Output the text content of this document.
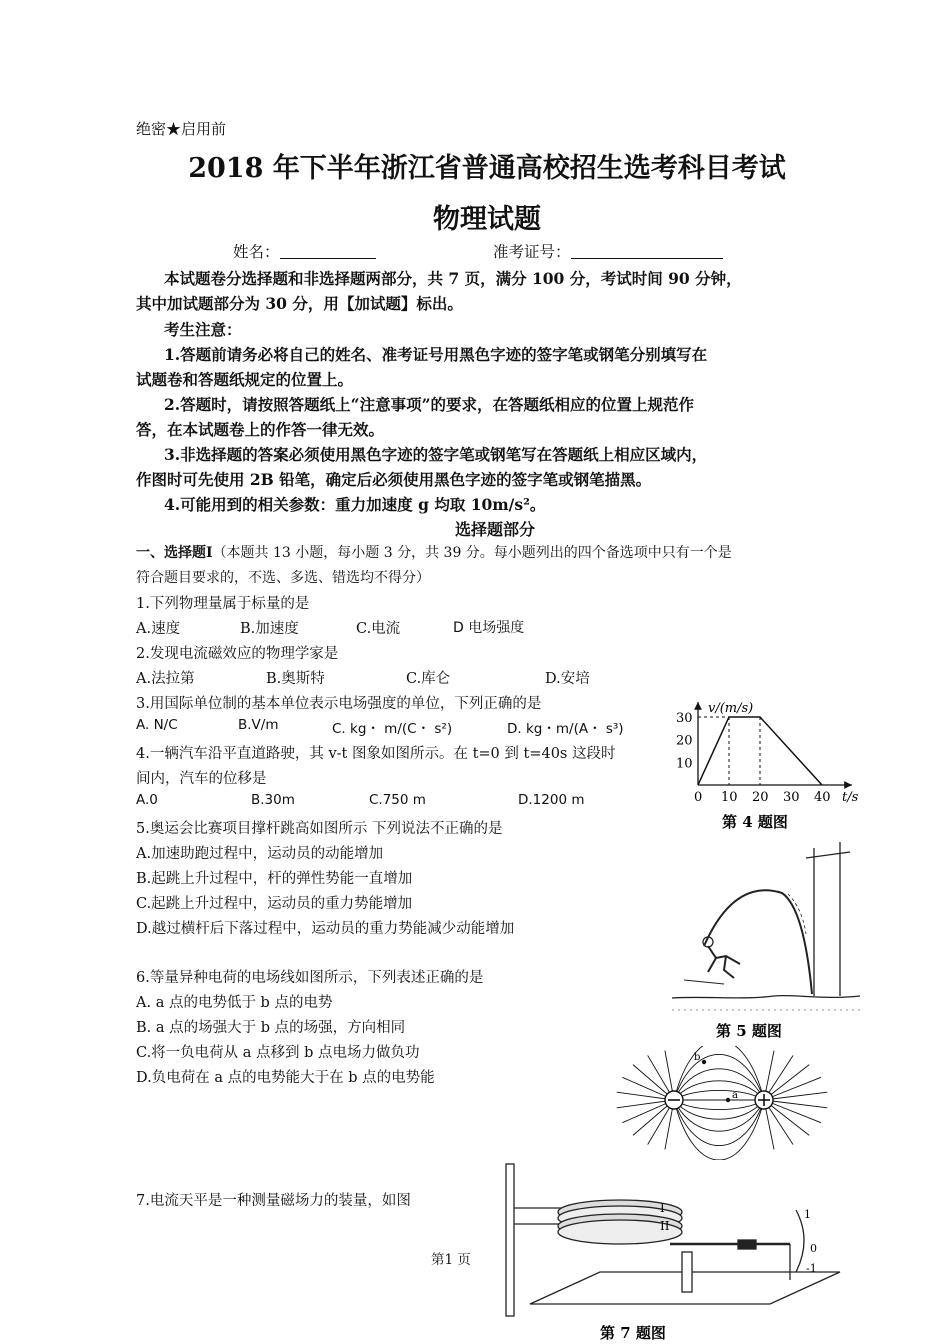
绝密★启用前
2018 年下半年浙江省普通高校招生选考科目考试
物理试题
姓名：	准考证号：
本试题卷分选择题和非选择题两部分，共 7 页，满分 100 分，考试时间 90 分钟，
其中加试题部分为 30 分，用【加试题】标出。
考生注意：
1.答题前请务必将自己的姓名、准考证号用黑色字迹的签字笔或钢笔分别填写在
试题卷和答题纸规定的位置上。
2.答题时，请按照答题纸上“注意事项”的要求，在答题纸相应的位置上规范作
答，在本试题卷上的作答一律无效。
3.非选择题的答案必须使用黑色字迹的签字笔或钢笔写在答题纸上相应区域内，
作图时可先使用 2B 铅笔，确定后必须使用黑色字迹的签字笔或钢笔描黑。
4.可能用到的相关参数：重力加速度 g 均取 10m/s²。
选择题部分
一、选择题Ⅰ（本题共 13 小题，每小题 3 分，共 39 分。每小题列出的四个备选项中只有一个是
符合题目要求的，不选、多选、错选均不得分）
1.下列物理量属于标量的是
A.速度	B.加速度	C.电流	D 电场强度
2.发现电流磁效应的物理学家是
A.法拉第	B.奥斯特	C.库仑	D.安培
3.用国际单位制的基本单位表示电场强度的单位，下列正确的是
A. N/C	B.V/m	C. kg・ m/(C・ s²)	D. kg・m/(A・ s³)
4.一辆汽车沿平直道路驶，其 v-t 图象如图所示。在 t=0 到 t=40s 这段时
间内，汽车的位移是
A.0	B.30m	C.750 m	D.1200 m
5.奥运会比赛项目撑杆跳高如图所示 下列说法不正确的是
A.加速助跑过程中，运动员的动能增加
B.起跳上升过程中，杆的弹性势能一直增加
C.起跳上升过程中，运动员的重力势能增加
D.越过横杆后下落过程中，运动员的重力势能减少动能增加
6.等量异种电荷的电场线如图所示，下列表述正确的是
A. a 点的电势低于 b 点的电势
B. a 点的场强大于 b 点的场强，方向相同
C.将一负电荷从 a 点移到 b 点电场力做负功
D.负电荷在 a 点的电势能大于在 b 点的电势能
7.电流天平是一种测量磁场力的装量，如图
第1 页
v/(m/s)
t/s
10
20
30
0 10 20 30 40
第 4 题图
第 5 题图
a
b
I
II
1
0
-1
第 7 题图
